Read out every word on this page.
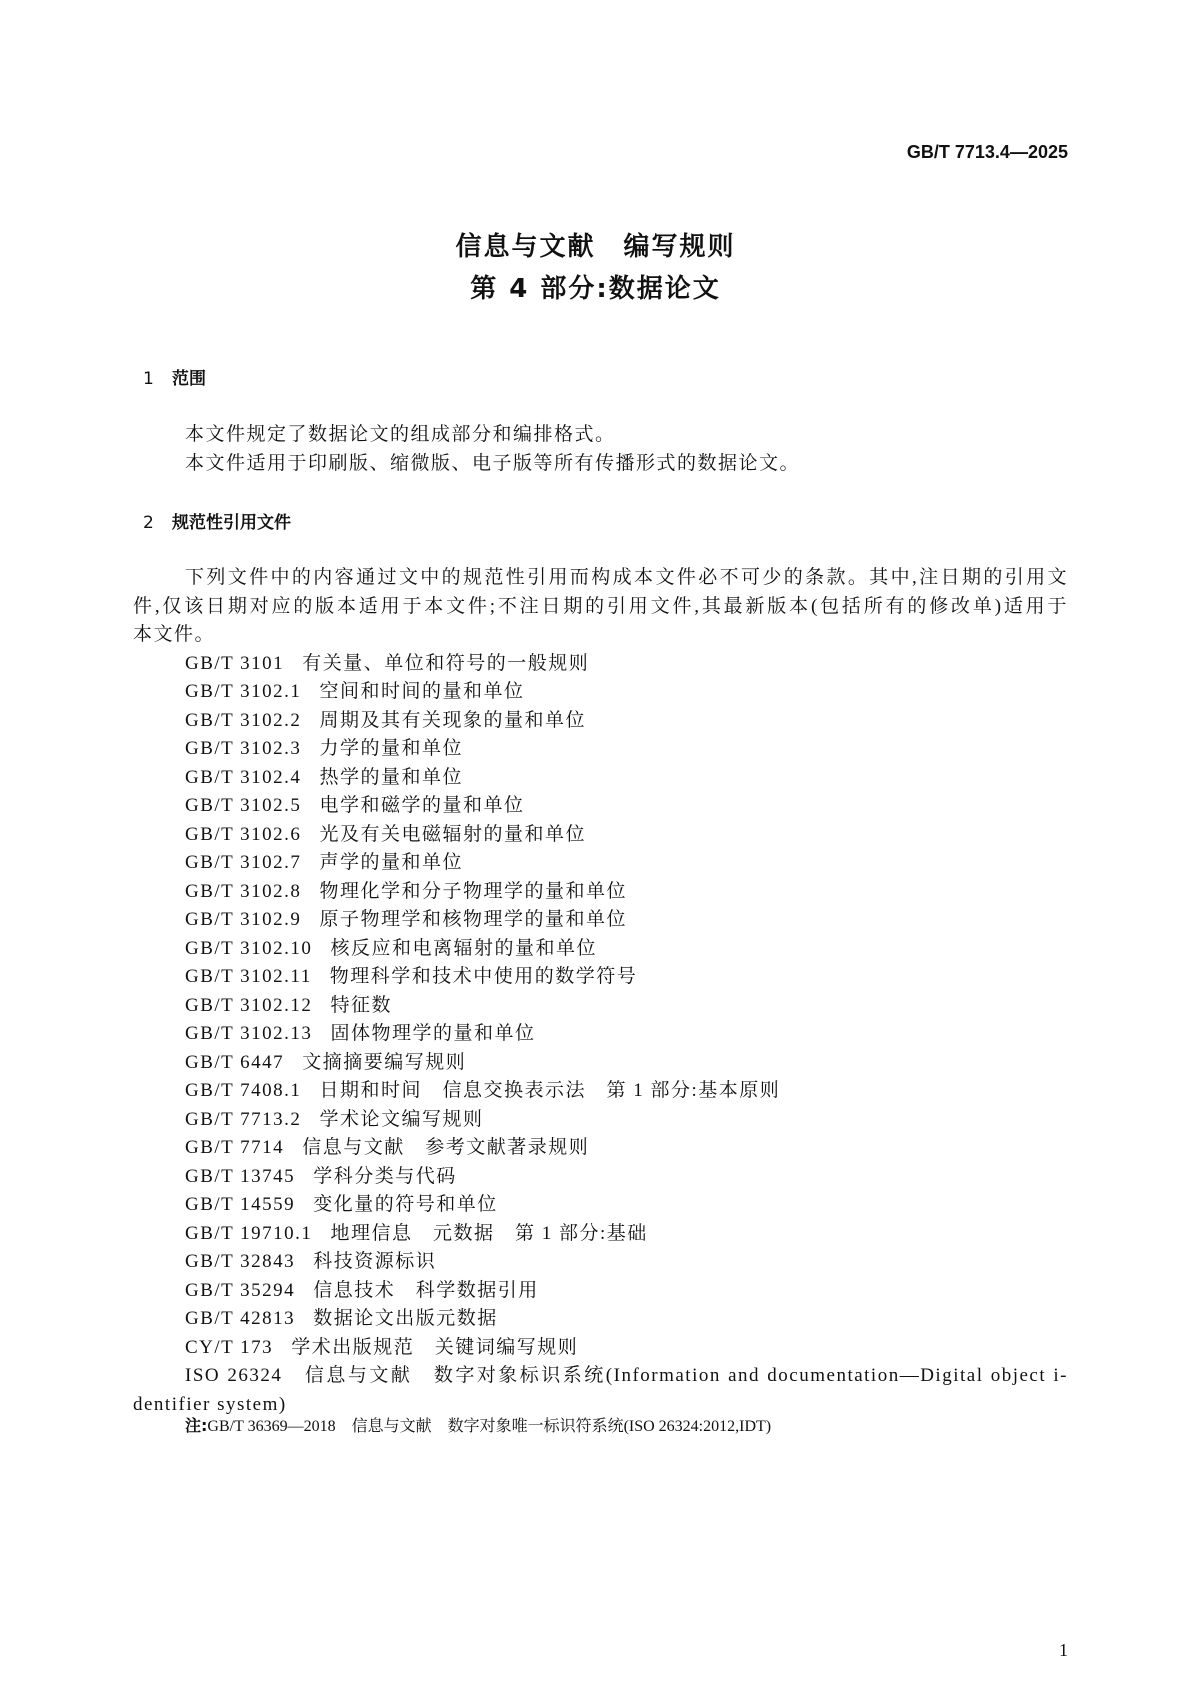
GB/T 7713.4—2025
信息与文献　编写规则
第 4 部分:数据论文
1 范围
本文件规定了数据论文的组成部分和编排格式。
本文件适用于印刷版、缩微版、电子版等所有传播形式的数据论文。
2 规范性引用文件
下列文件中的内容通过文中的规范性引用而构成本文件必不可少的条款。其中,注日期的引用文
件,仅该日期对应的版本适用于本文件;不注日期的引用文件,其最新版本(包括所有的修改单)适用于
本文件。
GB/T 3101 有关量、单位和符号的一般规则
GB/T 3102.1 空间和时间的量和单位
GB/T 3102.2 周期及其有关现象的量和单位
GB/T 3102.3 力学的量和单位
GB/T 3102.4 热学的量和单位
GB/T 3102.5 电学和磁学的量和单位
GB/T 3102.6 光及有关电磁辐射的量和单位
GB/T 3102.7 声学的量和单位
GB/T 3102.8 物理化学和分子物理学的量和单位
GB/T 3102.9 原子物理学和核物理学的量和单位
GB/T 3102.10 核反应和电离辐射的量和单位
GB/T 3102.11 物理科学和技术中使用的数学符号
GB/T 3102.12 特征数
GB/T 3102.13 固体物理学的量和单位
GB/T 6447 文摘摘要编写规则
GB/T 7408.1 日期和时间　信息交换表示法　第 1 部分:基本原则
GB/T 7713.2 学术论文编写规则
GB/T 7714 信息与文献　参考文献著录规则
GB/T 13745 学科分类与代码
GB/T 14559 变化量的符号和单位
GB/T 19710.1 地理信息　元数据　第 1 部分:基础
GB/T 32843 科技资源标识
GB/T 35294 信息技术　科学数据引用
GB/T 42813 数据论文出版元数据
CY/T 173 学术出版规范　关键词编写规则
ISO 26324　信息与文献　数字对象标识系统(Information and documentation—Digital object i-
dentifier system)
注:GB/T 36369—2018　信息与文献　数字对象唯一标识符系统(ISO 26324:2012,IDT)
1
